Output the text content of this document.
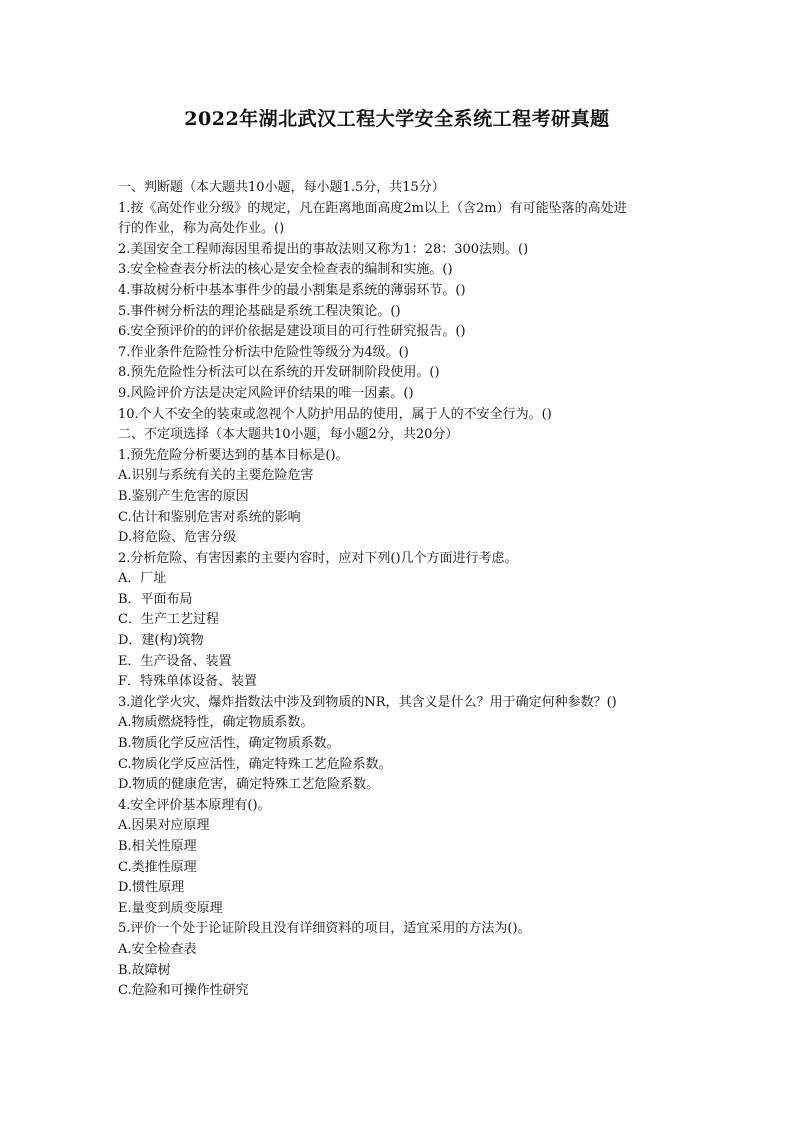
2022年湖北武汉工程大学安全系统工程考研真题
一、判断题（本大题共10小题，每小题1.5分，共15分）
1.按《高处作业分级》的规定，凡在距离地面高度2m以上（含2m）有可能坠落的高处进
行的作业，称为高处作业。()
2.美国安全工程师海因里希提出的事故法则又称为1：28：300法则。()
3.安全检查表分析法的核心是安全检查表的编制和实施。()
4.事故树分析中基本事件少的最小割集是系统的薄弱环节。()
5.事件树分析法的理论基础是系统工程决策论。()
6.安全预评价的的评价依据是建设项目的可行性研究报告。()
7.作业条件危险性分析法中危险性等级分为4级。()
8.预先危险性分析法可以在系统的开发研制阶段使用。()
9.风险评价方法是决定风险评价结果的唯一因素。()
10.个人不安全的装束或忽视个人防护用品的使用，属于人的不安全行为。()
二、不定项选择（本大题共10小题，每小题2分，共20分）
1.预先危险分析要达到的基本目标是()。
A.识别与系统有关的主要危险危害
B.鉴别产生危害的原因
C.估计和鉴别危害对系统的影响
D.将危险、危害分级
2.分析危险、有害因素的主要内容时，应对下列()几个方面进行考虑。
A．厂址
B．平面布局
C．生产工艺过程
D．建(构)筑物
E．生产设备、装置
F．特殊单体设备、装置
3.道化学火灾、爆炸指数法中涉及到物质的NR，其含义是什么？用于确定何种参数？()
A.物质燃烧特性，确定物质系数。
B.物质化学反应活性，确定物质系数。
C.物质化学反应活性，确定特殊工艺危险系数。
D.物质的健康危害，确定特殊工艺危险系数。
4.安全评价基本原理有()。
A.因果对应原理
B.相关性原理
C.类推性原理
D.惯性原理
E.量变到质变原理
5.评价一个处于论证阶段且没有详细资料的项目，适宜采用的方法为()。
A.安全检查表
B.故障树
C.危险和可操作性研究
